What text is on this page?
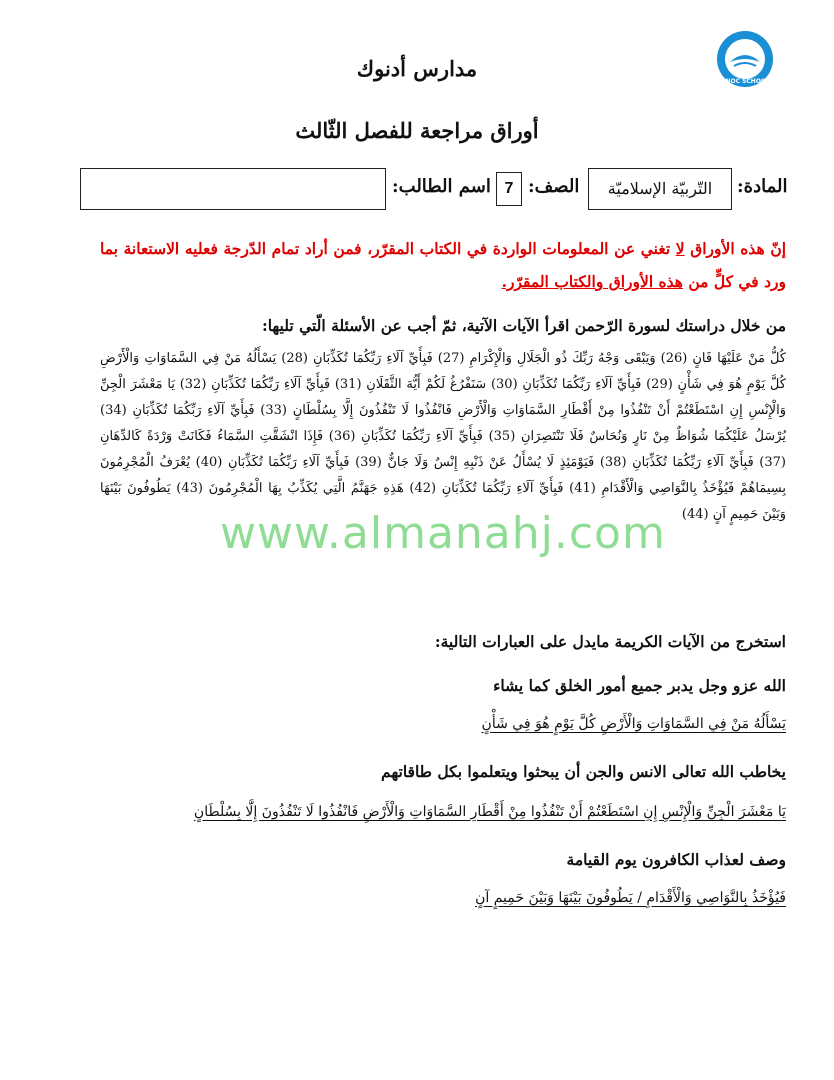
ADNOC SCHOOLS
مدارس أدنوك
أوراق مراجعة للفصل الثّالث
المادة:
التّربيّة الإسلاميّة
الصف:
7
اسم الطالب:
إنّ هذه الأوراق لا تغني عن المعلومات الواردة في الكتاب المقرّر، فمن أراد تمام الدّرجة فعليه الاستعانة بما ورد في كلٍّ من هذه الأوراق والكتاب المقرّر.
من خلال دراستك لسورة الرّحمن اقرأ الآيات الآتية، ثمّ أجب عن الأسئلة الّتي تليها:
كُلُّ مَنْ عَلَيْهَا فَانٍ (26) وَيَبْقَى وَجْهُ رَبِّكَ ذُو الْجَلَالِ وَالْإِكْرَامِ (27) فَبِأَيِّ آلَاءِ رَبِّكُمَا تُكَذِّبَانِ (28) يَسْأَلُهُ مَنْ فِي السَّمَاوَاتِ وَالْأَرْضِ كُلَّ يَوْمٍ هُوَ فِي شَأْنٍ (29) فَبِأَيِّ آلَاءِ رَبِّكُمَا تُكَذِّبَانِ (30) سَنَفْرُغُ لَكُمْ أَيُّهَ الثَّقَلَانِ (31) فَبِأَيِّ آلَاءِ رَبِّكُمَا تُكَذِّبَانِ (32) يَا مَعْشَرَ الْجِنِّ وَالْإِنْسِ إِنِ اسْتَطَعْتُمْ أَنْ تَنْفُذُوا مِنْ أَقْطَارِ السَّمَاوَاتِ وَالْأَرْضِ فَانْفُذُوا لَا تَنْفُذُونَ إِلَّا بِسُلْطَانٍ (33) فَبِأَيِّ آلَاءِ رَبِّكُمَا تُكَذِّبَانِ (34) يُرْسَلُ عَلَيْكُمَا شُوَاظٌ مِنْ نَارٍ وَنُحَاسٌ فَلَا تَنْتَصِرَانِ (35) فَبِأَيِّ آلَاءِ رَبِّكُمَا تُكَذِّبَانِ (36) فَإِذَا انْشَقَّتِ السَّمَاءُ فَكَانَتْ وَرْدَةً كَالدِّهَانِ (37) فَبِأَيِّ آلَاءِ رَبِّكُمَا تُكَذِّبَانِ (38) فَيَوْمَئِذٍ لَا يُسْأَلُ عَنْ ذَنْبِهِ إِنْسٌ وَلَا جَانٌّ (39) فَبِأَيِّ آلَاءِ رَبِّكُمَا تُكَذِّبَانِ (40) يُعْرَفُ الْمُجْرِمُونَ بِسِيمَاهُمْ فَيُؤْخَذُ بِالنَّوَاصِي وَالْأَقْدَامِ (41) فَبِأَيِّ آلَاءِ رَبِّكُمَا تُكَذِّبَانِ (42) هَذِهِ جَهَنَّمُ الَّتِي يُكَذِّبُ بِهَا الْمُجْرِمُونَ (43) يَطُوفُونَ بَيْنَهَا وَبَيْنَ حَمِيمٍ آنٍ (44)
www.almanahj.com
استخرج من الآيات الكريمة مايدل على العبارات التالية:
الله عزو وجل يدبر جميع أمور الخلق كما يشاء
يَسْأَلُهُ مَنْ فِي السَّمَاوَاتِ وَالْأَرْضِ كُلَّ يَوْمٍ هُوَ فِي شَأْنٍ
يخاطب الله تعالى الانس والجن أن يبحثوا ويتعلموا بكل طاقاتهم
يَا مَعْشَرَ الْجِنِّ وَالْإِنْسِ إِنِ اسْتَطَعْتُمْ أَنْ تَنْفُذُوا مِنْ أَقْطَارِ السَّمَاوَاتِ وَالْأَرْضِ فَانْفُذُوا لَا تَنْفُذُونَ إِلَّا بِسُلْطَانٍ
وصف لعذاب الكافرون يوم القيامة
فَيُؤْخَذُ بِالنَّوَاصِي وَالْأَقْدَامِ / يَطُوفُونَ بَيْنَهَا وَبَيْنَ حَمِيمٍ آنٍ
